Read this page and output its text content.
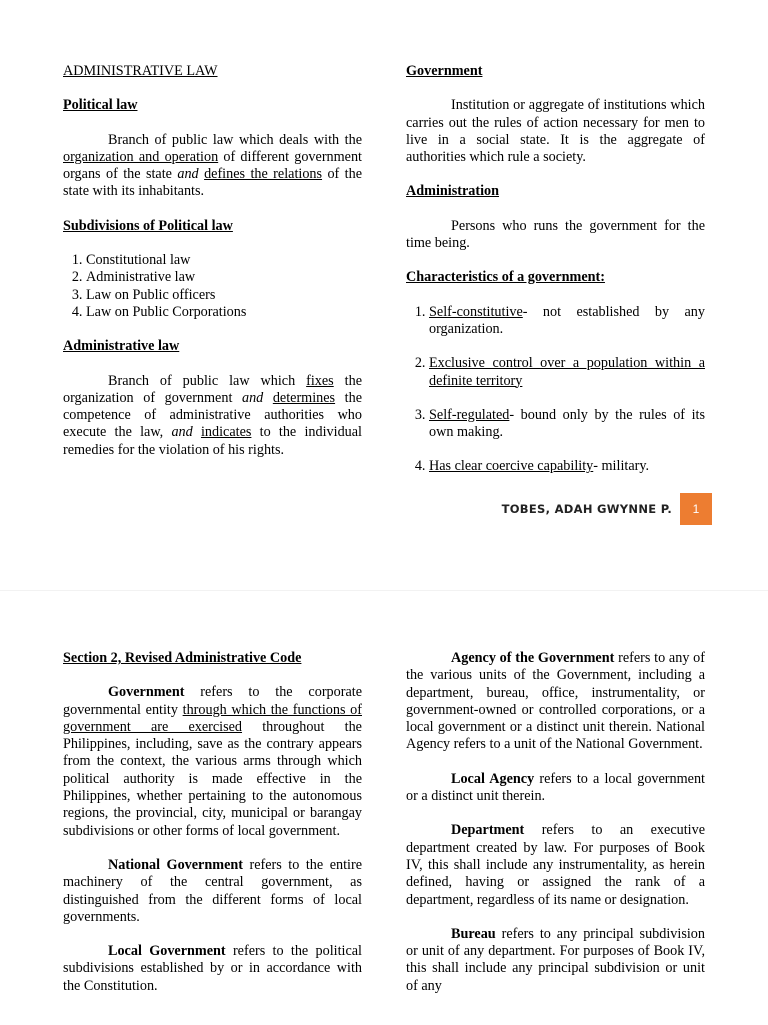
ADMINISTRATIVE LAW
Political law

Branch of public law which deals with the organization and operation of different government organs of the state and defines the relations of the state with its inhabitants.

Subdivisions of Political law
1. Constitutional law
2. Administrative law
3. Law on Public officers
4. Law on Public Corporations
Administrative law

Branch of public law which fixes the organization of government and determines the competence of administrative authorities who execute the law, and indicates to the individual remedies for the violation of his rights.

Government

Institution or aggregate of institutions which carries out the rules of action necessary for men to live in a social state. It is the aggregate of authorities which rule a society.

Administration

Persons who runs the government for the time being.

Characteristics of a government:
1. Self-constitutive- not established by any organization.
2. Exclusive control over a population within a definite territory
3. Self-regulated- bound only by the rules of its own making.
4. Has clear coercive capability- military.
TOBES, ADAH GWYNNE P.	1
Section 2, Revised Administrative Code

Government refers to the corporate governmental entity through which the functions of government are exercised throughout the Philippines, including, save as the contrary appears from the context, the various arms through which political authority is made effective in the Philippines, whether pertaining to the autonomous regions, the provincial, city, municipal or barangay subdivisions or other forms of local government.

National Government refers to the entire machinery of the central government, as distinguished from the different forms of local governments.

Local Government refers to the political subdivisions established by or in accordance with the Constitution.

Agency of the Government refers to any of the various units of the Government, including a department, bureau, office, instrumentality, or government-owned or controlled corporations, or a local government or a distinct unit therein. National Agency refers to a unit of the National Government.

Local Agency refers to a local government or a distinct unit therein.

Department refers to an executive department created by law. For purposes of Book IV, this shall include any instrumentality, as herein defined, having or assigned the rank of a department, regardless of its name or designation.

Bureau refers to any principal subdivision or unit of any department. For purposes of Book IV, this shall include any principal subdivision or unit of any
